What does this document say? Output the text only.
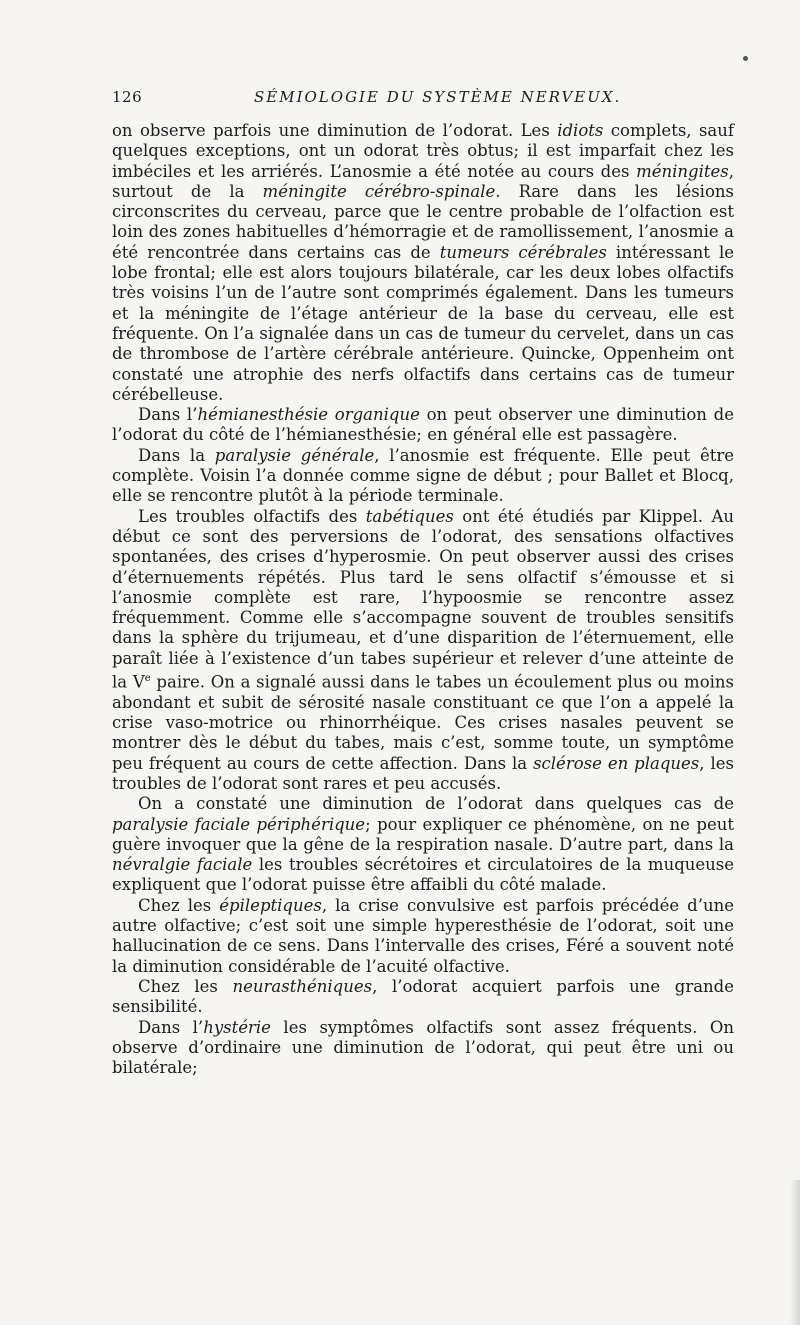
126	SÉMIOLOGIE DU SYSTÈME NERVEUX.

on observe parfois une diminution de l’odorat. Les idiots complets, sauf quelques exceptions, ont un odorat très obtus; il est imparfait chez les imbéciles et les arriérés. L’anosmie a été notée au cours des méningites, surtout de la méningite cérébro-spinale. Rare dans les lésions circonscrites du cerveau, parce que le centre probable de l’olfaction est loin des zones habituelles d’hémorragie et de ramollissement, l’anosmie a été rencontrée dans certains cas de tumeurs cérébrales intéressant le lobe frontal; elle est alors toujours bilatérale, car les deux lobes olfactifs très voisins l’un de l’autre sont comprimés également. Dans les tumeurs et la méningite de l’étage antérieur de la base du cerveau, elle est fréquente. On l’a signalée dans un cas de tumeur du cervelet, dans un cas de thrombose de l’artère cérébrale antérieure. Quincke, Oppenheim ont constaté une atrophie des nerfs olfactifs dans certains cas de tumeur cérébelleuse.

Dans l’hémianesthésie organique on peut observer une diminution de l’odorat du côté de l’hémianesthésie; en général elle est passagère.

Dans la paralysie générale, l’anosmie est fréquente. Elle peut être complète. Voisin l’a donnée comme signe de début ; pour Ballet et Blocq, elle se rencontre plutôt à la période terminale.

Les troubles olfactifs des tabétiques ont été étudiés par Klippel. Au début ce sont des perversions de l’odorat, des sensations olfactives spontanées, des crises d’hyperosmie. On peut observer aussi des crises d’éternuements répétés. Plus tard le sens olfactif s’émousse et si l’anosmie complète est rare, l’hypoosmie se rencontre assez fréquemment. Comme elle s’accompagne souvent de troubles sensitifs dans la sphère du trijumeau, et d’une disparition de l’éternuement, elle paraît liée à l’existence d’un tabes supérieur et relever d’une atteinte de la Ve paire. On a signalé aussi dans le tabes un écoulement plus ou moins abondant et subit de sérosité nasale constituant ce que l’on a appelé la crise vaso-motrice ou rhinorrhéique. Ces crises nasales peuvent se montrer dès le début du tabes, mais c’est, somme toute, un symptôme peu fréquent au cours de cette affection. Dans la sclérose en plaques, les troubles de l’odorat sont rares et peu accusés.

On a constaté une diminution de l’odorat dans quelques cas de paralysie faciale périphérique; pour expliquer ce phénomène, on ne peut guère invoquer que la gêne de la respiration nasale. D’autre part, dans la névralgie faciale les troubles sécrétoires et circulatoires de la muqueuse expliquent que l’odorat puisse être affaibli du côté malade.

Chez les épileptiques, la crise convulsive est parfois précédée d’une autre olfactive; c’est soit une simple hyperesthésie de l’odorat, soit une hallucination de ce sens. Dans l’intervalle des crises, Féré a souvent noté la diminution considérable de l’acuité olfactive.

Chez les neurasthéniques, l’odorat acquiert parfois une grande sensibilité.

Dans l’hystérie les symptômes olfactifs sont assez fréquents. On observe d’ordinaire une diminution de l’odorat, qui peut être uni ou bilatérale;
